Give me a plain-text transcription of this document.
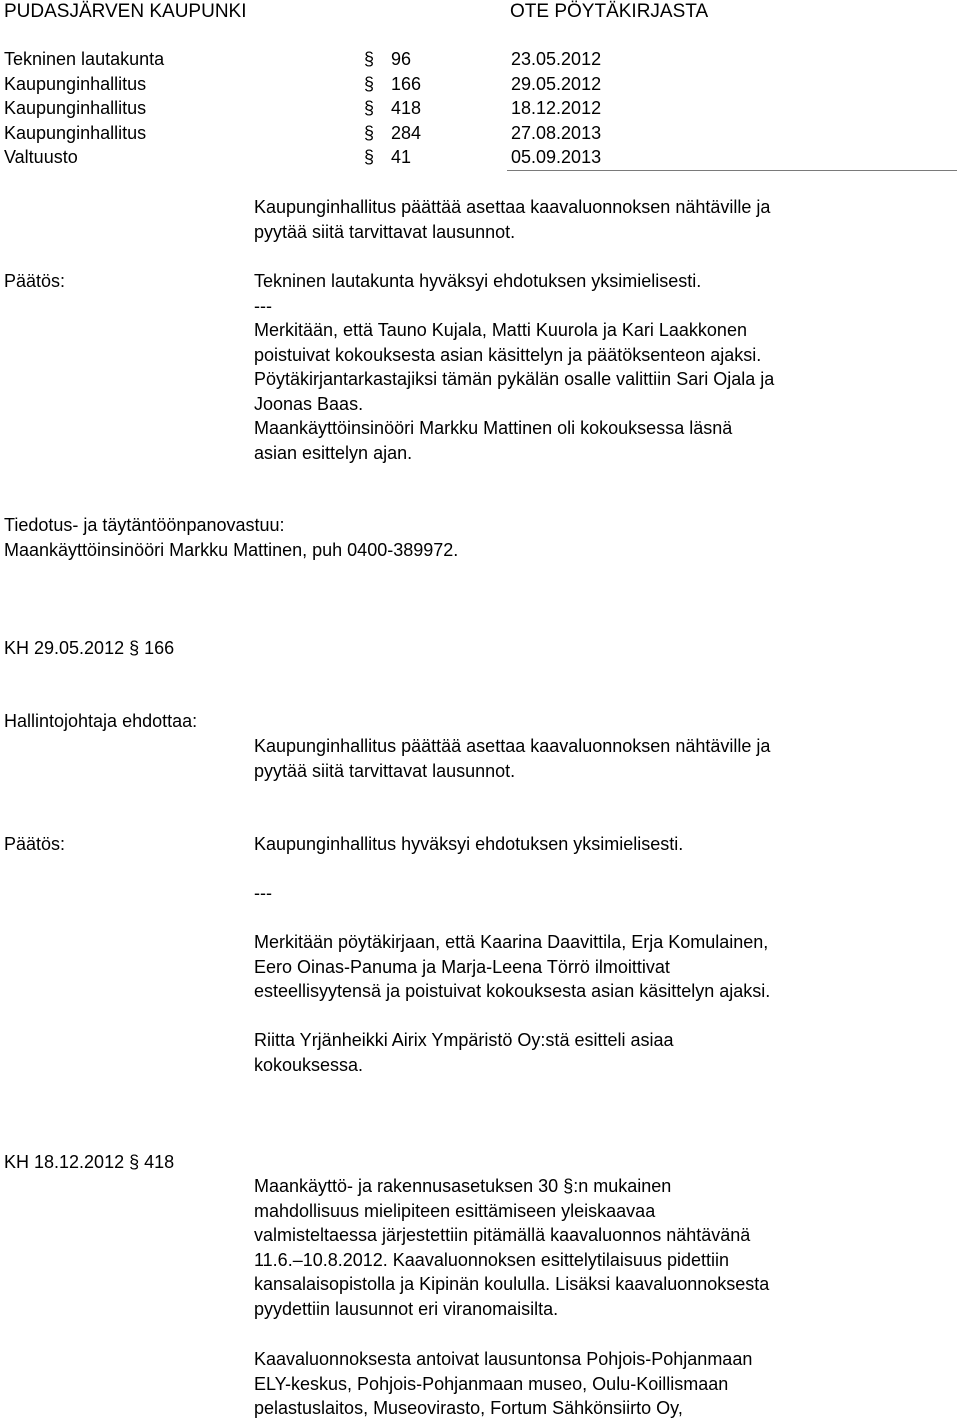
PUDASJÄRVEN KAUPUNKI	OTE PÖYTÄKIRJASTA
Tekninen lautakunta	§ 96	23.05.2012
Kaupunginhallitus	§ 166	29.05.2012
Kaupunginhallitus	§ 418	18.12.2012
Kaupunginhallitus	§ 284	27.08.2013
Valtuusto	§ 41	05.09.2013
Kaupunginhallitus päättää asettaa kaavaluonnoksen nähtäville ja
pyytää siitä tarvittavat lausunnot.
Päätös:	Tekninen lautakunta hyväksyi ehdotuksen yksimielisesti.
---
Merkitään, että Tauno Kujala, Matti Kuurola ja Kari Laakkonen
poistuivat kokouksesta asian käsittelyn ja päätöksenteon ajaksi.
Pöytäkirjantarkastajiksi tämän pykälän osalle valittiin Sari Ojala ja
Joonas Baas.
Maankäyttöinsinööri Markku Mattinen oli kokouksessa läsnä
asian esittelyn ajan.
Tiedotus- ja täytäntöönpanovastuu:
Maankäyttöinsinööri Markku Mattinen, puh 0400-389972.
KH 29.05.2012 § 166
Hallintojohtaja ehdottaa:
Kaupunginhallitus päättää asettaa kaavaluonnoksen nähtäville ja
pyytää siitä tarvittavat lausunnot.
Päätös:	Kaupunginhallitus hyväksyi ehdotuksen yksimielisesti.
---
Merkitään pöytäkirjaan, että Kaarina Daavittila, Erja Komulainen,
Eero Oinas-Panuma ja Marja-Leena Törrö ilmoittivat
esteellisyytensä ja poistuivat kokouksesta asian käsittelyn ajaksi.
Riitta Yrjänheikki Airix Ympäristö Oy:stä esitteli asiaa
kokouksessa.
KH 18.12.2012 § 418
Maankäyttö- ja rakennusasetuksen 30 §:n mukainen
mahdollisuus mielipiteen esittämiseen yleiskaavaa
valmisteltaessa järjestettiin pitämällä kaavaluonnos nähtävänä
11.6.–10.8.2012. Kaavaluonnoksen esittelytilaisuus pidettiin
kansalaisopistolla ja Kipinän koululla. Lisäksi kaavaluonnoksesta
pyydettiin lausunnot eri viranomaisilta.
Kaavaluonnoksesta antoivat lausuntonsa Pohjois-Pohjanmaan
ELY-keskus, Pohjois-Pohjanmaan museo, Oulu-Koillismaan
pelastuslaitos, Museovirasto, Fortum Sähkönsiirto Oy,
